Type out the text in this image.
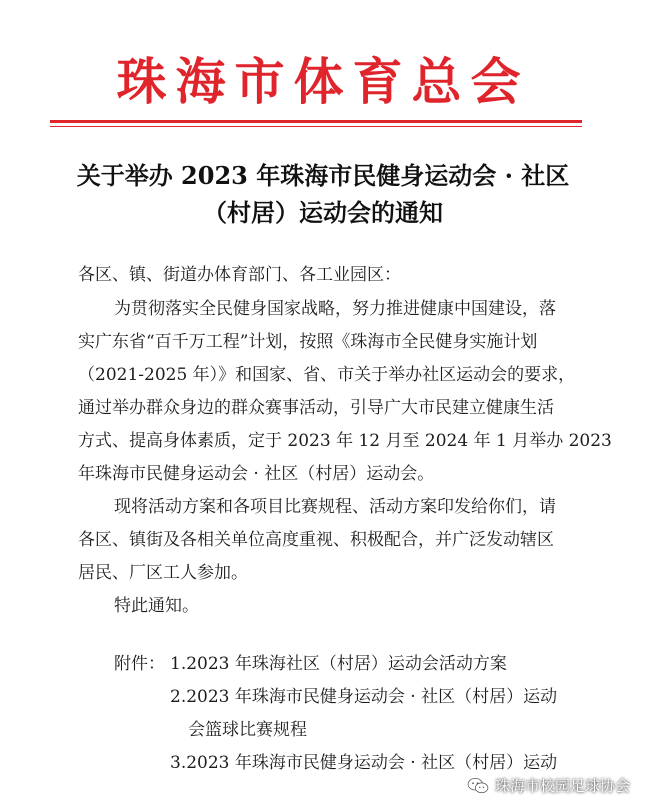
珠海市体育总会
关于举办 2023 年珠海市民健身运动会 · 社区
（村居）运动会的通知
各区、镇、街道办体育部门、各工业园区：
为贯彻落实全民健身国家战略，努力推进健康中国建设，落
实广东省“百千万工程”计划，按照《珠海市全民健身实施计划
（2021-2025 年）》和国家、省、市关于举办社区运动会的要求，
通过举办群众身边的群众赛事活动，引导广大市民建立健康生活
方式、提高身体素质，定于 2023 年 12 月至 2024 年 1 月举办 2023
年珠海市民健身运动会 · 社区（村居）运动会。
现将活动方案和各项目比赛规程、活动方案印发给你们，请
各区、镇街及各相关单位高度重视、积极配合，并广泛发动辖区
居民、厂区工人参加。
特此通知。
附件： 1.2023 年珠海社区（村居）运动会活动方案
2.2023 年珠海市民健身运动会 · 社区（村居）运动
会篮球比赛规程
3.2023 年珠海市民健身运动会 · 社区（村居）运动
珠海市校园足球协会
